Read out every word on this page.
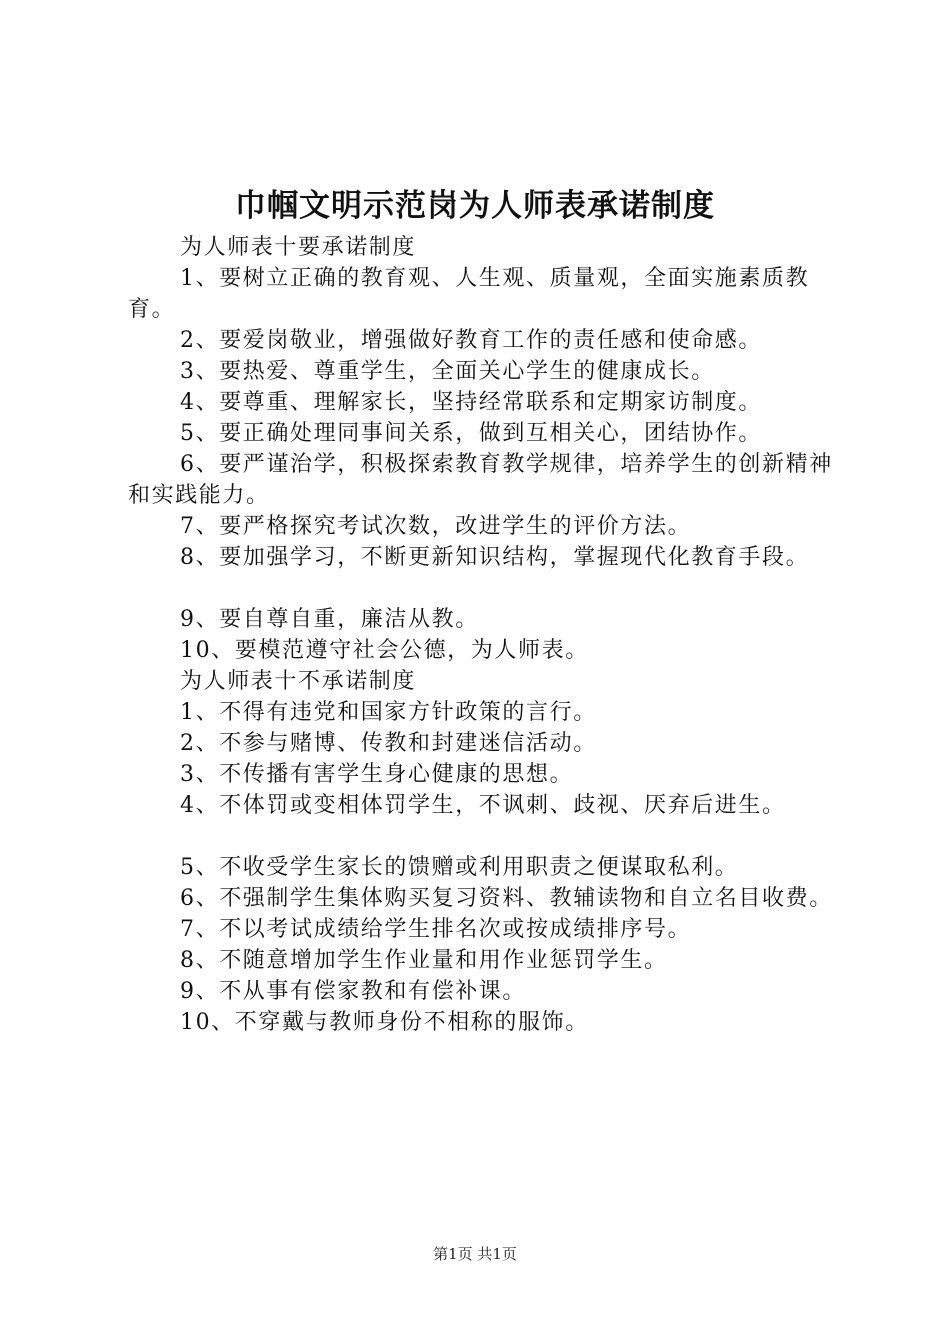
巾帼文明示范岗为人师表承诺制度

为人师表十要承诺制度

1、要树立正确的教育观、人生观、质量观，全面实施素质教育。

2、要爱岗敬业，增强做好教育工作的责任感和使命感。

3、要热爱、尊重学生，全面关心学生的健康成长。

4、要尊重、理解家长，坚持经常联系和定期家访制度。

5、要正确处理同事间关系，做到互相关心，团结协作。

6、要严谨治学，积极探索教育教学规律，培养学生的创新精神和实践能力。

7、要严格探究考试次数，改进学生的评价方法。

8、要加强学习，不断更新知识结构，掌握现代化教育手段。

9、要自尊自重，廉洁从教。

10、要模范遵守社会公德，为人师表。

为人师表十不承诺制度

1、不得有违党和国家方针政策的言行。

2、不参与赌博、传教和封建迷信活动。

3、不传播有害学生身心健康的思想。

4、不体罚或变相体罚学生，不讽刺、歧视、厌弃后进生。

5、不收受学生家长的馈赠或利用职责之便谋取私利。

6、不强制学生集体购买复习资料、教辅读物和自立名目收费。

7、不以考试成绩给学生排名次或按成绩排序号。

8、不随意增加学生作业量和用作业惩罚学生。

9、不从事有偿家教和有偿补课。

10、不穿戴与教师身份不相称的服饰。

第1页 共1页
